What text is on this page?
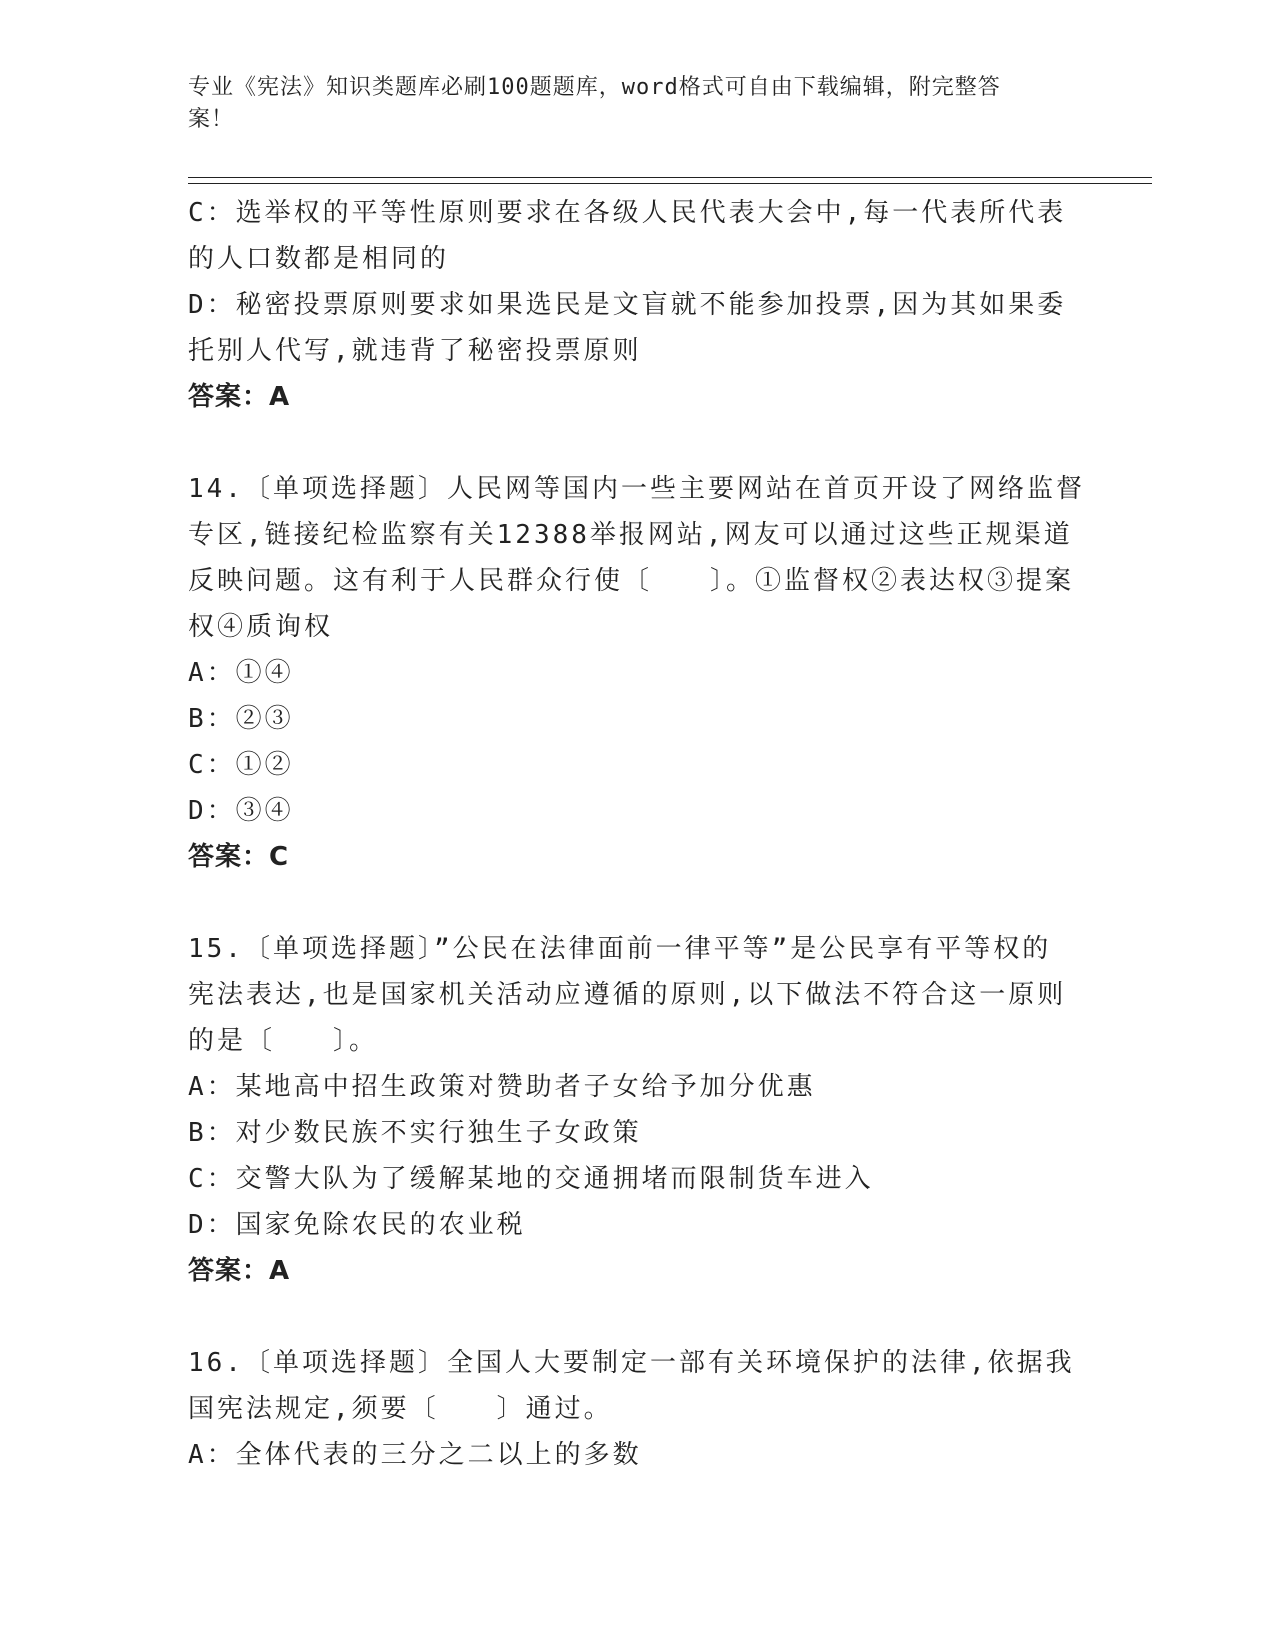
专业《宪法》知识类题库必刷100题题库，word格式可自由下载编辑，附完整答
案！
C：选举权的平等性原则要求在各级人民代表大会中,每一代表所代表
的人口数都是相同的
D：秘密投票原则要求如果选民是文盲就不能参加投票,因为其如果委
托别人代写,就违背了秘密投票原则
答案：A
14.〔单项选择题〕人民网等国内一些主要网站在首页开设了网络监督
专区,链接纪检监察有关12388举报网站,网友可以通过这些正规渠道
反映问题。这有利于人民群众行使〔　　〕。①监督权②表达权③提案
权④质询权
A：①④
B：②③
C：①②
D：③④
答案：C
15.〔单项选择题〕”公民在法律面前一律平等”是公民享有平等权的
宪法表达,也是国家机关活动应遵循的原则,以下做法不符合这一原则
的是〔　　〕。
A：某地高中招生政策对赞助者子女给予加分优惠
B：对少数民族不实行独生子女政策
C：交警大队为了缓解某地的交通拥堵而限制货车进入
D：国家免除农民的农业税
答案：A
16.〔单项选择题〕全国人大要制定一部有关环境保护的法律,依据我
国宪法规定,须要〔　　〕通过。
A：全体代表的三分之二以上的多数
